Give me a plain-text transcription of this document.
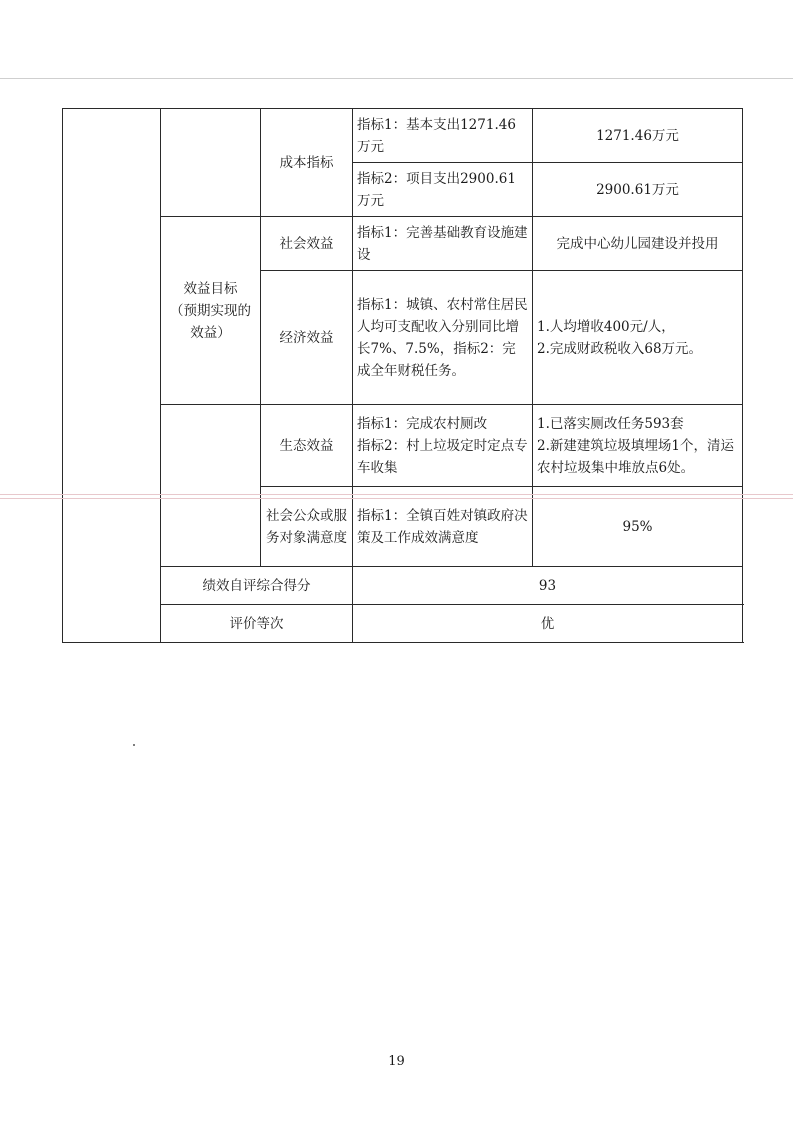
		成本指标	指标1：基本支出1271.46万元	1271.46万元
			指标2：项目支出2900.61万元	2900.61万元

	效益目标
（预期实现的
效益）	社会效益	指标1：完善基础教育设施建设	完成中心幼儿园建设并投用
		经济效益	指标1：城镇、农村常住居民人均可支配收入分别同比增长7%、7.5%，指标2：完成全年财税任务。	1.人均增收400元/人，
2.完成财政税收入68万元。

		生态效益	指标1：完成农村厕改
指标2：村上垃圾定时定点专车收集	1.已落实厕改任务593套
2.新建建筑垃圾填埋场1个，清运农村垃圾集中堆放点6处。

		社会公众或服务对象满意度	指标1：全镇百姓对镇政府决策及工作成效满意度	95%
	绩效自评综合得分		93	
	评价等次		优	
19
